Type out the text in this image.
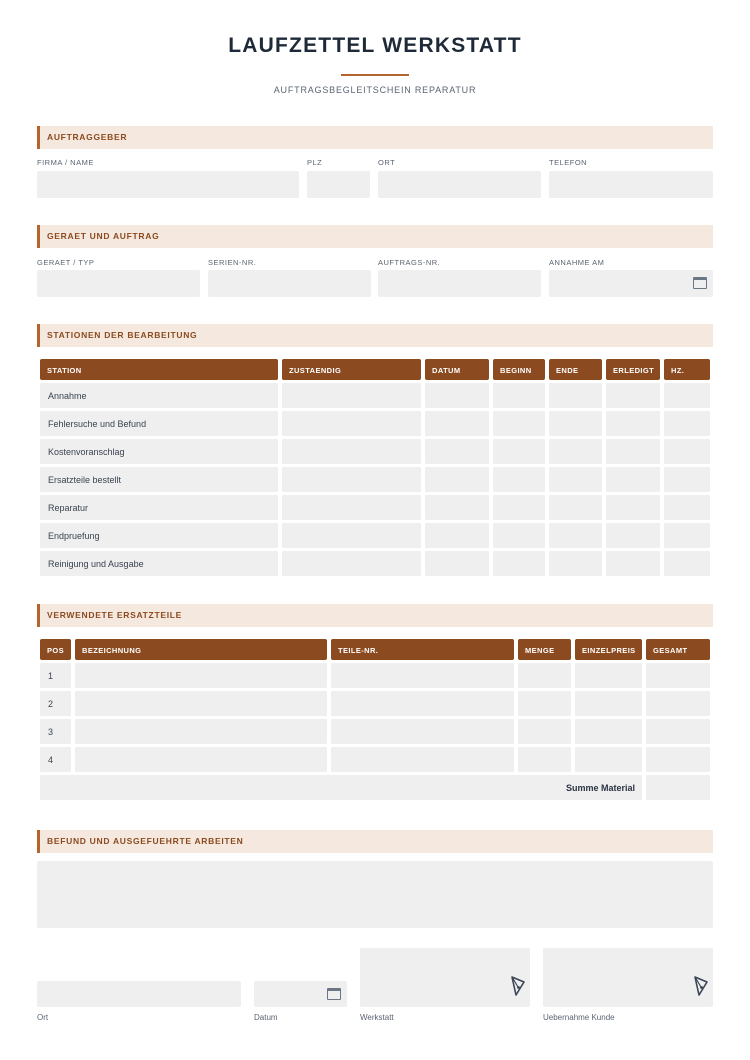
LAUFZETTEL WERKSTATT
AUFTRAGSBEGLEITSCHEIN REPARATUR
AUFTRAGGEBER
FIRMA / NAME	PLZ	ORT	TELEFON
GERAET UND AUFTRAG
GERAET / TYP	SERIEN-NR.	AUFTRAGS-NR.	ANNAHME AM
STATIONEN DER BEARBEITUNG
STATION	ZUSTAENDIG	DATUM	BEGINN	ENDE	ERLEDIGT	HZ.
Annahme
Fehlersuche und Befund
Kostenvoranschlag
Ersatzteile bestellt
Reparatur
Endpruefung
Reinigung und Ausgabe
VERWENDETE ERSATZTEILE
POS	BEZEICHNUNG	TEILE-NR.	MENGE	EINZELPREIS	GESAMT
1
2
3
4
Summe Material
BEFUND UND AUSGEFUEHRTE ARBEITEN
Ort	Datum	Werkstatt	Uebernahme Kunde
